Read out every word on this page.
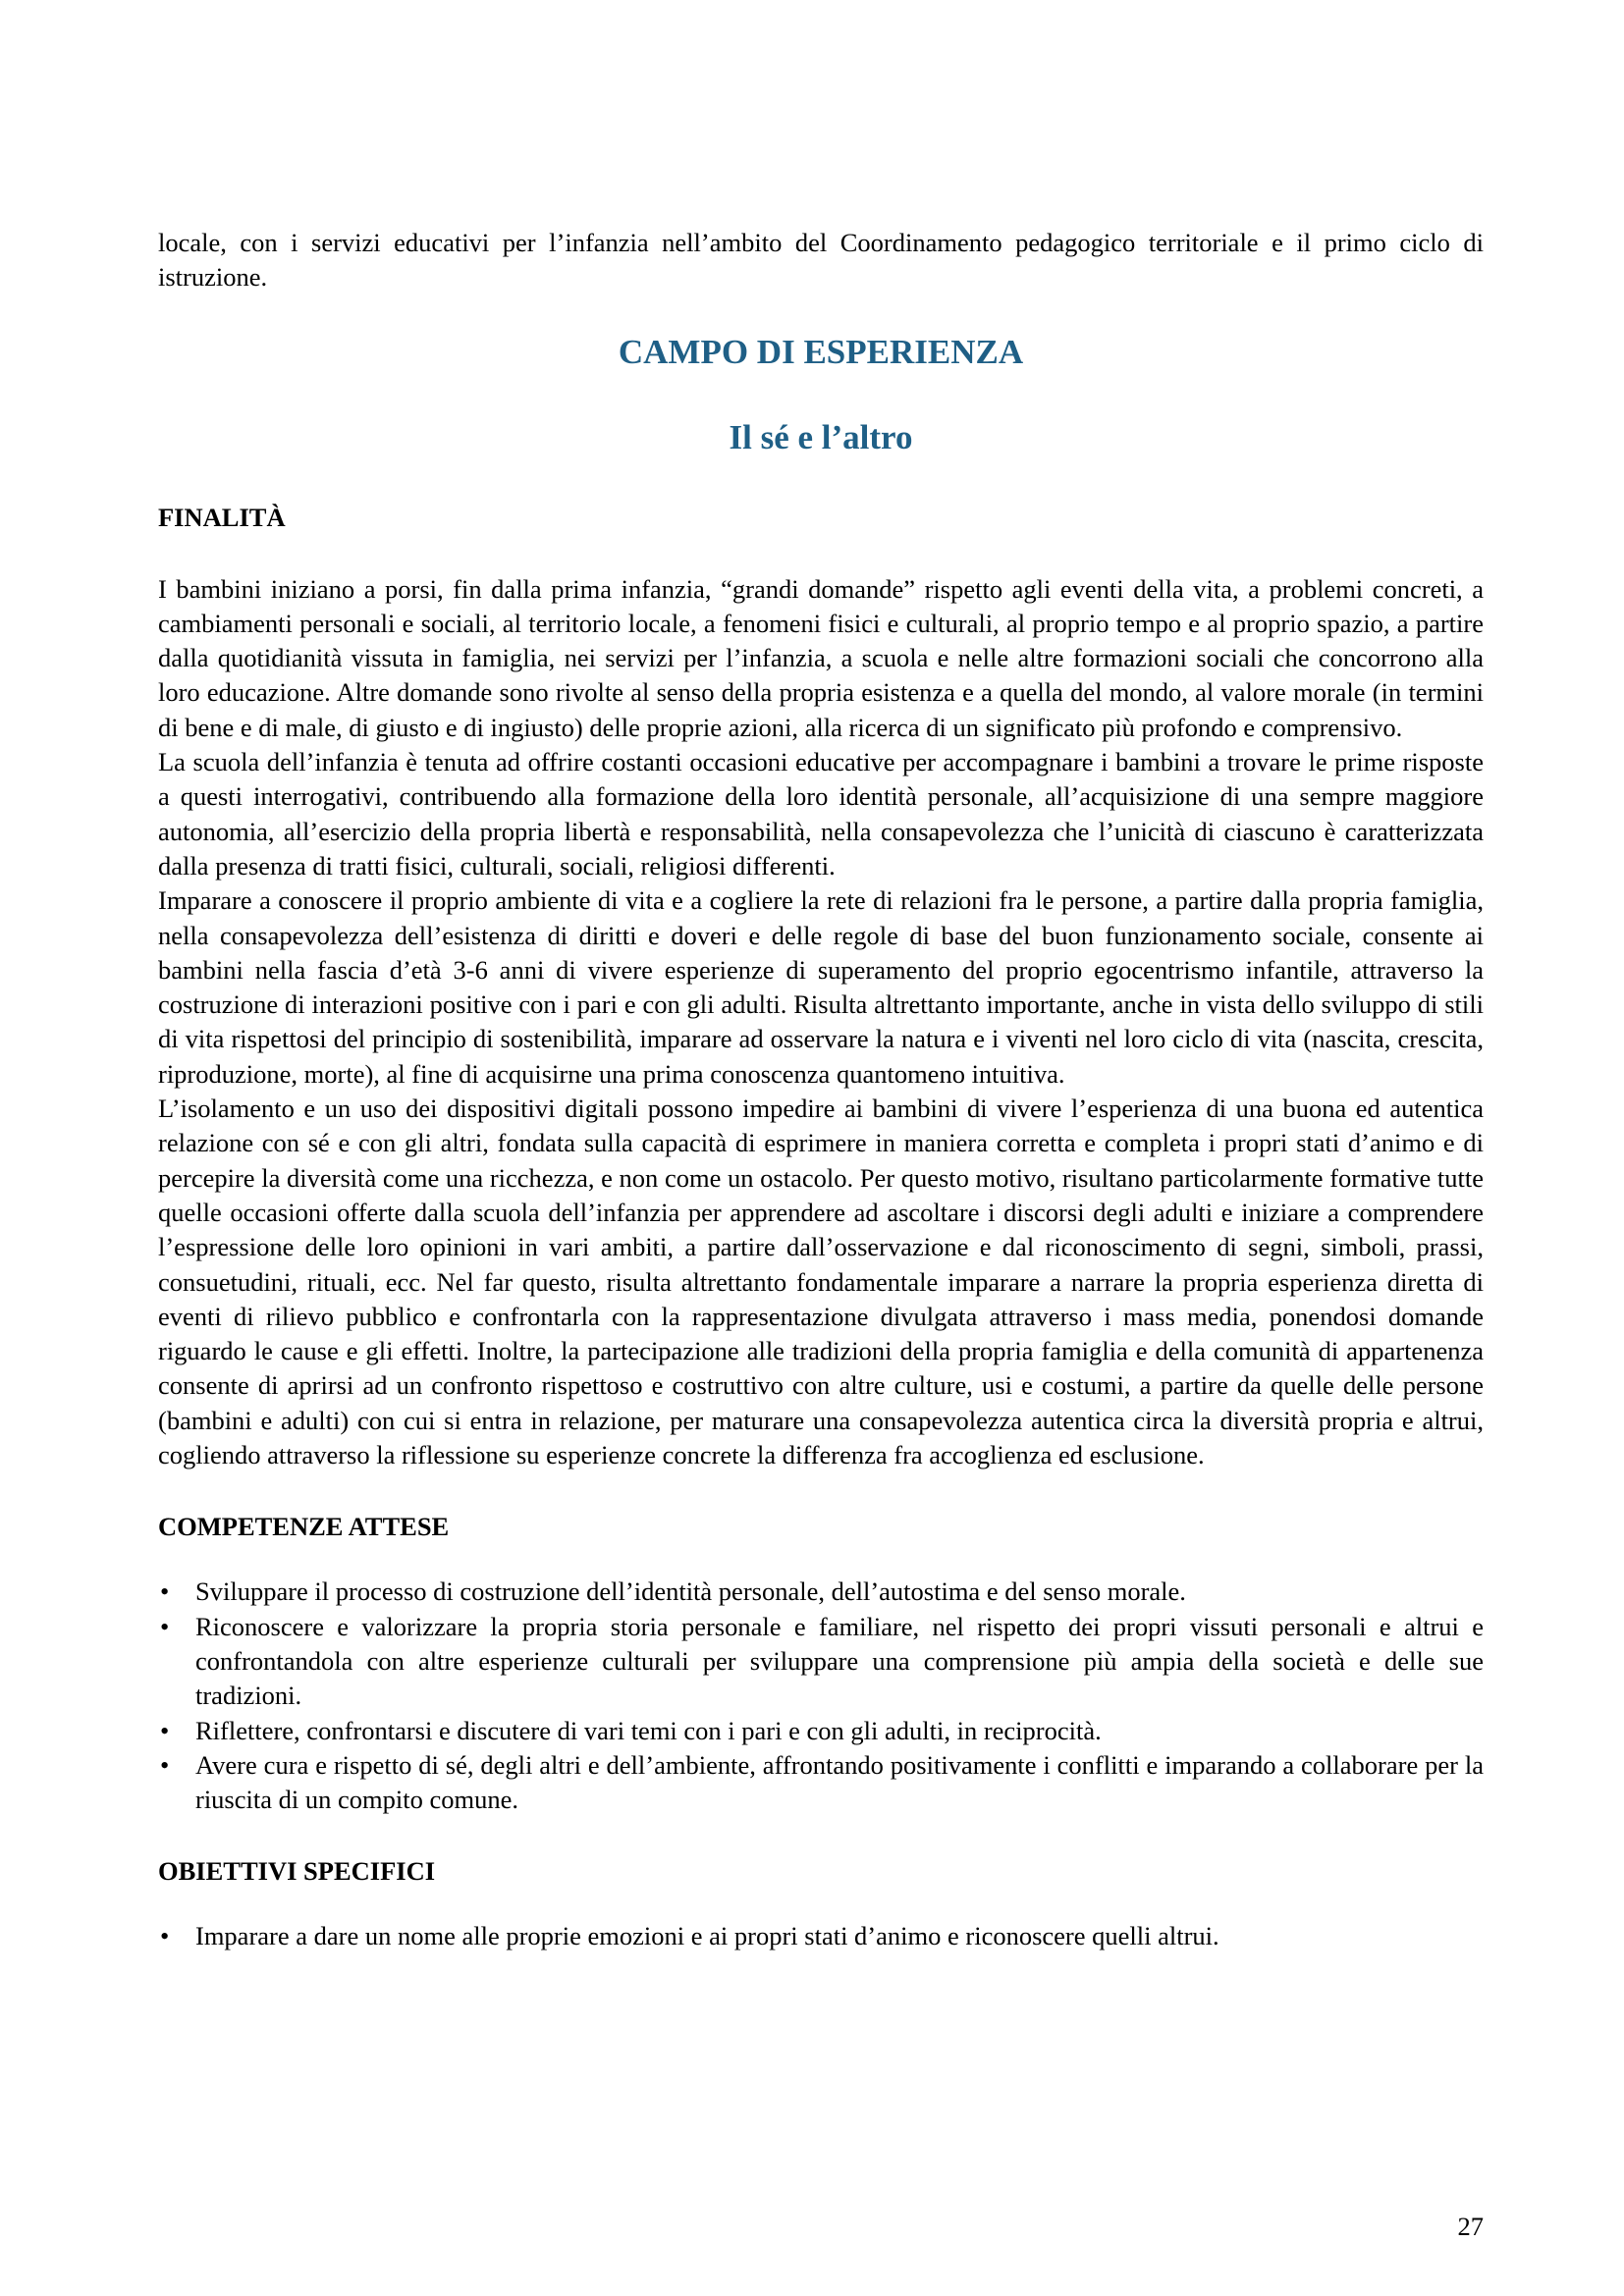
locale, con i servizi educativi per l’infanzia nell’ambito del Coordinamento pedagogico territoriale e il primo ciclo di istruzione.

CAMPO DI ESPERIENZA
Il sé e l’altro
FINALITÀ

I bambini iniziano a porsi, fin dalla prima infanzia, “grandi domande” rispetto agli eventi della vita, a problemi concreti, a cambiamenti personali e sociali, al territorio locale, a fenomeni fisici e culturali, al proprio tempo e al proprio spazio, a partire dalla quotidianità vissuta in famiglia, nei servizi per l’infanzia, a scuola e nelle altre formazioni sociali che concorrono alla loro educazione. Altre domande sono rivolte al senso della propria esistenza e a quella del mondo, al valore morale (in termini di bene e di male, di giusto e di ingiusto) delle proprie azioni, alla ricerca di un significato più profondo e comprensivo.

La scuola dell’infanzia è tenuta ad offrire costanti occasioni educative per accompagnare i bambini a trovare le prime risposte a questi interrogativi, contribuendo alla formazione della loro identità personale, all’acquisizione di una sempre maggiore autonomia, all’esercizio della propria libertà e responsabilità, nella consapevolezza che l’unicità di ciascuno è caratterizzata dalla presenza di tratti fisici, culturali, sociali, religiosi differenti.

Imparare a conoscere il proprio ambiente di vita e a cogliere la rete di relazioni fra le persone, a partire dalla propria famiglia, nella consapevolezza dell’esistenza di diritti e doveri e delle regole di base del buon funzionamento sociale, consente ai bambini nella fascia d’età 3-6 anni di vivere esperienze di superamento del proprio egocentrismo infantile, attraverso la costruzione di interazioni positive con i pari e con gli adulti. Risulta altrettanto importante, anche in vista dello sviluppo di stili di vita rispettosi del principio di sostenibilità, imparare ad osservare la natura e i viventi nel loro ciclo di vita (nascita, crescita, riproduzione, morte), al fine di acquisirne una prima conoscenza quantomeno intuitiva.

L’isolamento e un uso dei dispositivi digitali possono impedire ai bambini di vivere l’esperienza di una buona ed autentica relazione con sé e con gli altri, fondata sulla capacità di esprimere in maniera corretta e completa i propri stati d’animo e di percepire la diversità come una ricchezza, e non come un ostacolo. Per questo motivo, risultano particolarmente formative tutte quelle occasioni offerte dalla scuola dell’infanzia per apprendere ad ascoltare i discorsi degli adulti e iniziare a comprendere l’espressione delle loro opinioni in vari ambiti, a partire dall’osservazione e dal riconoscimento di segni, simboli, prassi, consuetudini, rituali, ecc. Nel far questo, risulta altrettanto fondamentale imparare a narrare la propria esperienza diretta di eventi di rilievo pubblico e confrontarla con la rappresentazione divulgata attraverso i mass media, ponendosi domande riguardo le cause e gli effetti. Inoltre, la partecipazione alle tradizioni della propria famiglia e della comunità di appartenenza consente di aprirsi ad un confronto rispettoso e costruttivo con altre culture, usi e costumi, a partire da quelle delle persone (bambini e adulti) con cui si entra in relazione, per maturare una consapevolezza autentica circa la diversità propria e altrui, cogliendo attraverso la riflessione su esperienze concrete la differenza fra accoglienza ed esclusione.

COMPETENZE ATTESE
• Sviluppare il processo di costruzione dell’identità personale, dell’autostima e del senso morale.
• Riconoscere e valorizzare la propria storia personale e familiare, nel rispetto dei propri vissuti personali e altrui e confrontandola con altre esperienze culturali per sviluppare una comprensione più ampia della società e delle sue tradizioni.
• Riflettere, confrontarsi e discutere di vari temi con i pari e con gli adulti, in reciprocità.
• Avere cura e rispetto di sé, degli altri e dell’ambiente, affrontando positivamente i conflitti e imparando a collaborare per la riuscita di un compito comune.
OBIETTIVI SPECIFICI
• Imparare a dare un nome alle proprie emozioni e ai propri stati d’animo e riconoscere quelli altrui.
27
